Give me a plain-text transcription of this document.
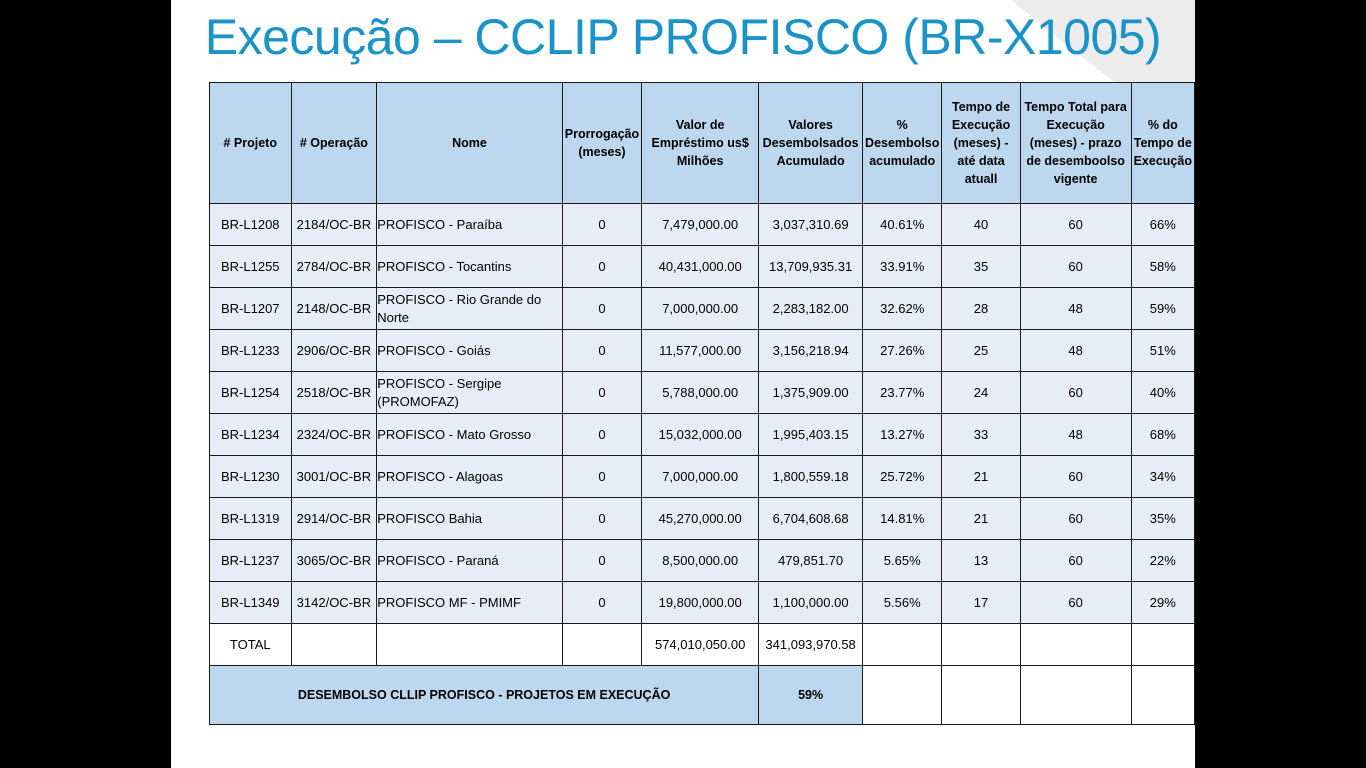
Execução – CCLIP PROFISCO (BR-X1005)
# Projeto	# Operação	Nome	Prorrogação (meses)	Valor de Empréstimo us$ Milhões	Valores Desembolsados Acumulado	% Desembolso acumulado	Tempo de Execução (meses) - até data atuall	Tempo Total para Execução (meses) - prazo de desemboolso vigente	% do Tempo de Execução
BR-L1208	2184/OC-BR	PROFISCO - Paraíba	0	7,479,000.00	3,037,310.69	40.61%	40	60	66%
BR-L1255	2784/OC-BR	PROFISCO - Tocantins	0	40,431,000.00	13,709,935.31	33.91%	35	60	58%
BR-L1207	2148/OC-BR	PROFISCO - Rio Grande do Norte	0	7,000,000.00	2,283,182.00	32.62%	28	48	59%
BR-L1233	2906/OC-BR	PROFISCO - Goiás	0	11,577,000.00	3,156,218.94	27.26%	25	48	51%
BR-L1254	2518/OC-BR	PROFISCO - Sergipe (PROMOFAZ)	0	5,788,000.00	1,375,909.00	23.77%	24	60	40%
BR-L1234	2324/OC-BR	PROFISCO - Mato Grosso	0	15,032,000.00	1,995,403.15	13.27%	33	48	68%
BR-L1230	3001/OC-BR	PROFISCO - Alagoas	0	7,000,000.00	1,800,559.18	25.72%	21	60	34%
BR-L1319	2914/OC-BR	PROFISCO Bahia	0	45,270,000.00	6,704,608.68	14.81%	21	60	35%
BR-L1237	3065/OC-BR	PROFISCO - Paraná	0	8,500,000.00	479,851.70	5.65%	13	60	22%
BR-L1349	3142/OC-BR	PROFISCO MF - PMIMF	0	19,800,000.00	1,100,000.00	5.56%	17	60	29%
TOTAL				574,010,050.00	341,093,970.58				
DESEMBOLSO CLLIP PROFISCO - PROJETOS EM EXECUÇÃO					59%				
